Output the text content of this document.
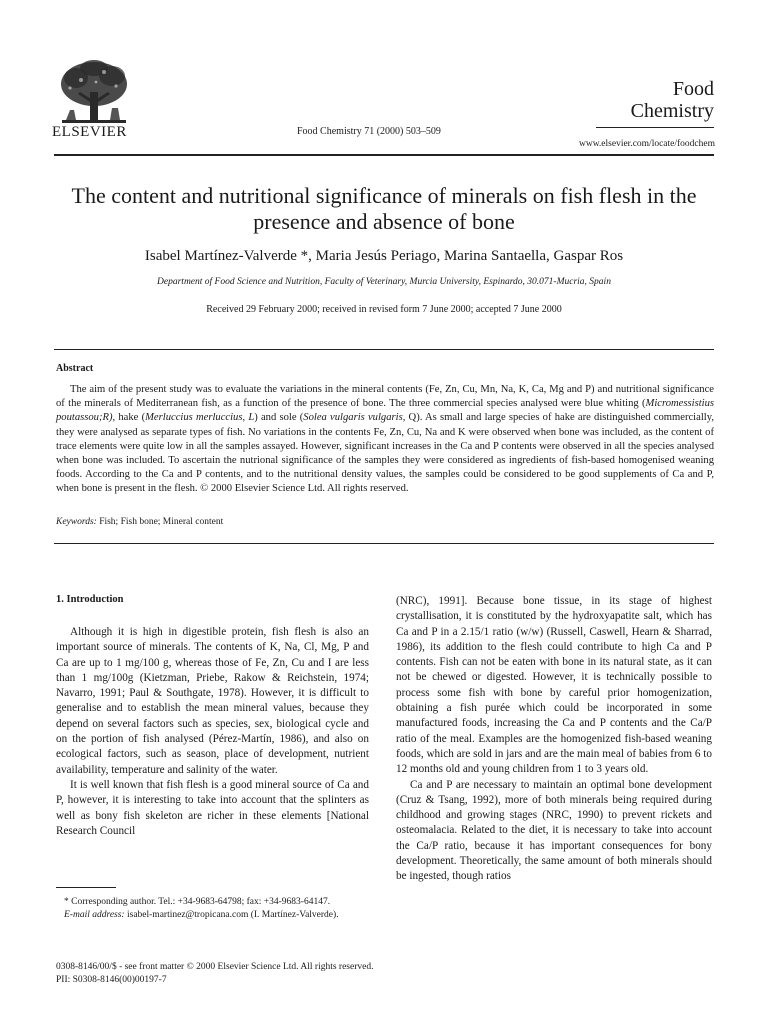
ELSEVIER	Food Chemistry 71 (2000) 503–509
Food
Chemistry
www.elsevier.com/locate/foodchem
The content and nutritional significance of minerals on fish flesh in the presence and absence of bone
Isabel Martínez-Valverde *, Maria Jesús Periago, Marina Santaella, Gaspar Ros
Department of Food Science and Nutrition, Faculty of Veterinary, Murcia University, Espinardo, 30.071-Mucria, Spain
Received 29 February 2000; received in revised form 7 June 2000; accepted 7 June 2000
Abstract
The aim of the present study was to evaluate the variations in the mineral contents (Fe, Zn, Cu, Mn, Na, K, Ca, Mg and P) and nutritional significance of the minerals of Mediterranean fish, as a function of the presence of bone. The three commercial species analysed were blue whiting (Micromessistius poutassou;R), hake (Merluccius merluccius, L) and sole (Solea vulgaris vulgaris, Q). As small and large species of hake are distinguished commercially, they were analysed as separate types of fish. No variations in the contents Fe, Zn, Cu, Na and K were observed when bone was included, as the content of trace elements were quite low in all the samples assayed. However, significant increases in the Ca and P contents were observed in all the species analysed when bone was included. To ascertain the nutrional significance of the samples they were considered as ingredients of fish-based homogenised weaning foods. According to the Ca and P contents, and to the nutritional density values, the samples could be considered to be good supplements of Ca and P, when bone is present in the flesh. © 2000 Elsevier Science Ltd. All rights reserved.
Keywords: Fish; Fish bone; Mineral content
1. Introduction

Although it is high in digestible protein, fish flesh is also an important source of minerals. The contents of K, Na, Cl, Mg, P and Ca are up to 1 mg/100 g, whereas those of Fe, Zn, Cu and I are less than 1 mg/100g (Kietzman, Priebe, Rakow & Reichstein, 1974; Navarro, 1991; Paul & Southgate, 1978). However, it is difficult to generalise and to establish the mean mineral values, because they depend on several factors such as species, sex, biological cycle and on the portion of fish analysed (Pérez-Martín, 1986), and also on ecological factors, such as season, place of development, nutrient availability, temperature and salinity of the water.

It is well known that fish flesh is a good mineral source of Ca and P, however, it is interesting to take into account that the splinters as well as bony fish skeleton are richer in these elements [National Research Council

(NRC), 1991]. Because bone tissue, in its stage of highest crystallisation, it is constituted by the hydroxyapatite salt, which has Ca and P in a 2.15/1 ratio (w/w) (Russell, Caswell, Hearn & Sharrad, 1986), its addition to the flesh could contribute to high Ca and P contents. Fish can not be eaten with bone in its natural state, as it can not be chewed or digested. However, it is technically possible to process some fish with bone by careful prior homogenization, obtaining a fish purée which could be incorporated in some manufactured foods, increasing the Ca and P contents and the Ca/P ratio of the meal. Examples are the homogenized fish-based weaning foods, which are sold in jars and are the main meal of babies from 6 to 12 months old and young children from 1 to 3 years old.

Ca and P are necessary to maintain an optimal bone development (Cruz & Tsang, 1992), more of both minerals being required during childhood and growing stages (NRC, 1990) to prevent rickets and osteomalacia. Related to the diet, it is necessary to take into account the Ca/P ratio, because it has important consequences for bony development. Theoretically, the same amount of both minerals should be ingested, though ratios

* Corresponding author. Tel.: +34-9683-64798; fax: +34-9683-64147.

E-mail address: isabel-martinez@tropicana.com (I. Martínez-Valverde).

0308-8146/00/$ - see front matter © 2000 Elsevier Science Ltd. All rights reserved.
PII: S0308-8146(00)00197-7
